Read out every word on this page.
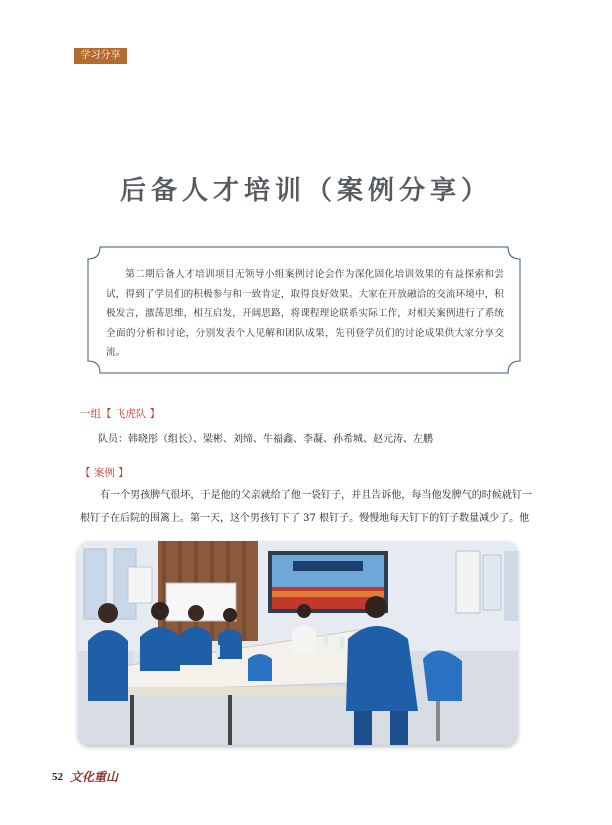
学习分享
后备人才培训（案例分享）
第二期后备人才培训项目无领导小组案例讨论会作为深化固化培训效果的有益探索和尝试，得到了学员们的积极参与和一致肯定，取得良好效果。大家在开放融洽的交流环境中，积极发言，激荡思维，相互启发，开阔思路，将课程理论联系实际工作，对相关案例进行了系统全面的分析和讨论，分别发表个人见解和团队成果，先刊登学员们的讨论成果供大家分享交流。
一组【 飞虎队 】
队员：韩晓彤（组长）、梁彬、刘缔、牛福鑫、李凝、孙希城、赵元涛、左鹏
【 案例 】
有一个男孩脾气很坏，于是他的父亲就给了他一袋钉子，并且告诉他，每当他发脾气的时候就钉一根钉子在后院的围篱上。第一天，这个男孩钉下了 37 根钉子。慢慢地每天钉下的钉子数量减少了。他
52 文化重山
